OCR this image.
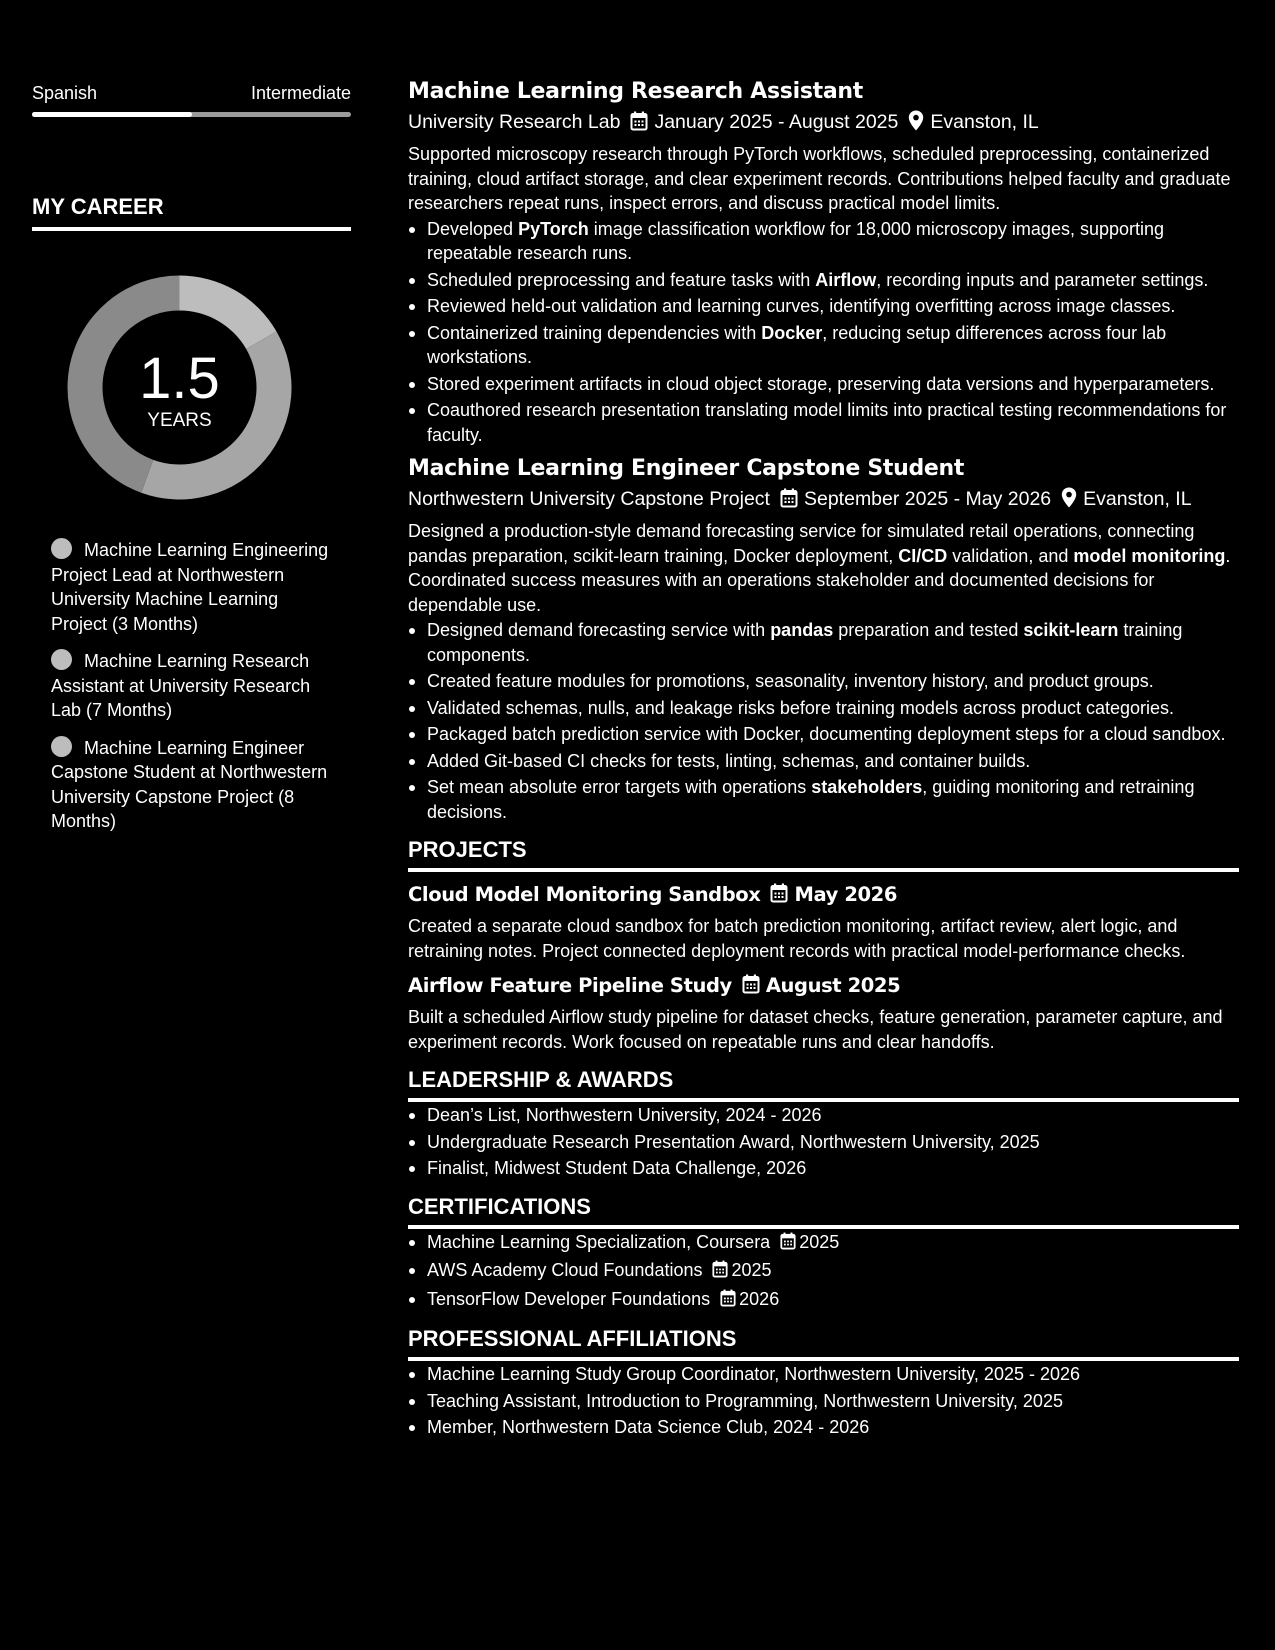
Spanish	Intermediate
MY CAREER
1.5
YEARS
Machine Learning Engineering Project Lead at Northwestern University Machine Learning Project (3 Months)
Machine Learning Research Assistant at University Research Lab (7 Months)
Machine Learning Engineer Capstone Student at Northwestern University Capstone Project (8 Months)
Machine Learning Research Assistant
University Research Lab January 2025 - August 2025 Evanston, IL
Supported microscopy research through PyTorch workflows, scheduled preprocessing, containerized training, cloud artifact storage, and clear experiment records. Contributions helped faculty and graduate researchers repeat runs, inspect errors, and discuss practical model limits.
Developed PyTorch image classification workflow for 18,000 microscopy images, supporting repeatable research runs.
Scheduled preprocessing and feature tasks with Airflow, recording inputs and parameter settings.
Reviewed held-out validation and learning curves, identifying overfitting across image classes.
Containerized training dependencies with Docker, reducing setup differences across four lab workstations.
Stored experiment artifacts in cloud object storage, preserving data versions and hyperparameters.
Coauthored research presentation translating model limits into practical testing recommendations for faculty.
Machine Learning Engineer Capstone Student
Northwestern University Capstone Project September 2025 - May 2026 Evanston, IL
Designed a production-style demand forecasting service for simulated retail operations, connecting pandas preparation, scikit-learn training, Docker deployment, CI/CD validation, and model monitoring. Coordinated success measures with an operations stakeholder and documented decisions for dependable use.
Designed demand forecasting service with pandas preparation and tested scikit-learn training components.
Created feature modules for promotions, seasonality, inventory history, and product groups.
Validated schemas, nulls, and leakage risks before training models across product categories.
Packaged batch prediction service with Docker, documenting deployment steps for a cloud sandbox.
Added Git-based CI checks for tests, linting, schemas, and container builds.
Set mean absolute error targets with operations stakeholders, guiding monitoring and retraining decisions.
PROJECTS
Cloud Model Monitoring Sandbox May 2026
Created a separate cloud sandbox for batch prediction monitoring, artifact review, alert logic, and retraining notes. Project connected deployment records with practical model-performance checks.
Airflow Feature Pipeline Study August 2025
Built a scheduled Airflow study pipeline for dataset checks, feature generation, parameter capture, and experiment records. Work focused on repeatable runs and clear handoffs.
LEADERSHIP & AWARDS
Dean’s List, Northwestern University, 2024 - 2026
Undergraduate Research Presentation Award, Northwestern University, 2025
Finalist, Midwest Student Data Challenge, 2026
CERTIFICATIONS
Machine Learning Specialization, Coursera 2025
AWS Academy Cloud Foundations 2025
TensorFlow Developer Foundations 2026
PROFESSIONAL AFFILIATIONS
Machine Learning Study Group Coordinator, Northwestern University, 2025 - 2026
Teaching Assistant, Introduction to Programming, Northwestern University, 2025
Member, Northwestern Data Science Club, 2024 - 2026
